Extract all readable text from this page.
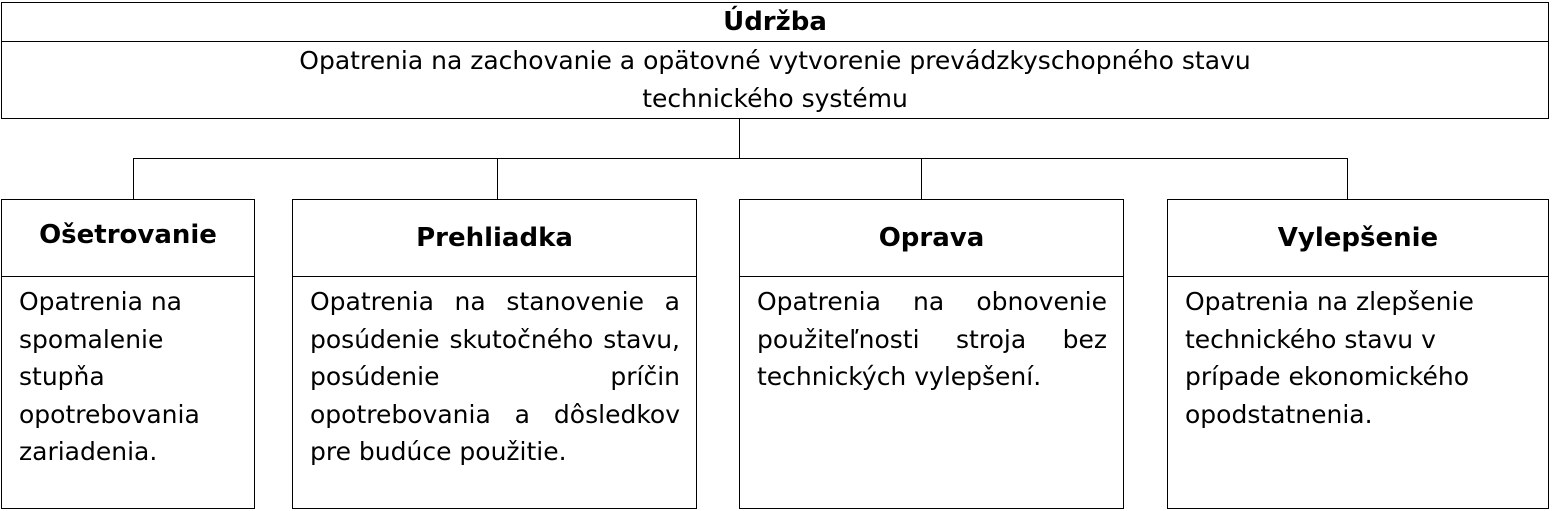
Údržba
Opatrenia na zachovanie a opätovné vytvorenie prevádzkyschopného stavu technického systému
Ošetrovanie
Opatrenia na spomalenie stupňa opotrebovania zariadenia.
Prehliadka
Opatrenia na stanovenie a posúdenie skutočného stavu, posúdenie príčin opotrebovania a dôsledkov pre budúce použitie.
Oprava
Opatrenia na obnovenie použiteľnosti stroja bez technických vylepšení.
Vylepšenie
Opatrenia na zlepšenie technického stavu v prípade ekonomického opodstatnenia.
